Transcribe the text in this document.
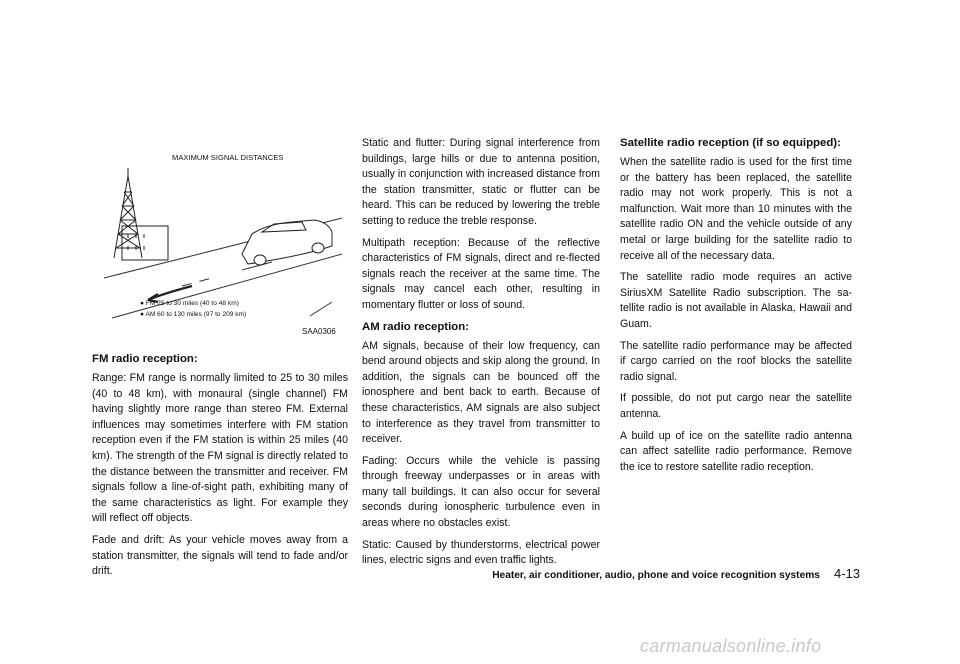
MAXIMUM SIGNAL DISTANCES
● FM 25 to 30 miles (40 to 48 km)
● AM 60 to 130 miles (97 to 209 km)
SAA0306
FM radio reception:

Range: FM range is normally limited to 25 to 30 miles (40 to 48 km), with monaural (single channel) FM having slightly more range than stereo FM. External influences may sometimes interfere with FM station reception even if the FM station is within 25 miles (40 km). The strength of the FM signal is directly related to the distance between the transmitter and receiver. FM signals follow a line-of-sight path, exhibiting many of the same characteristics as light. For example they will reflect off objects.

Fade and drift: As your vehicle moves away from a station transmitter, the signals will tend to fade and/or drift.

Static and flutter: During signal interference from buildings, large hills or due to antenna position, usually in conjunction with increased distance from the station transmitter, static or flutter can be heard. This can be reduced by lowering the treble setting to reduce the treble response.

Multipath reception: Because of the reflective characteristics of FM signals, direct and re-flected signals reach the receiver at the same time. The signals may cancel each other, resulting in momentary flutter or loss of sound.

AM radio reception:

AM signals, because of their low frequency, can bend around objects and skip along the ground. In addition, the signals can be bounced off the ionosphere and bent back to earth. Because of these characteristics, AM signals are also subject to interference as they travel from transmitter to receiver.

Fading: Occurs while the vehicle is passing through freeway underpasses or in areas with many tall buildings. It can also occur for several seconds during ionospheric turbulence even in areas where no obstacles exist.

Static: Caused by thunderstorms, electrical power lines, electric signs and even traffic lights.

Satellite radio reception (if so equipped):

When the satellite radio is used for the first time or the battery has been replaced, the satellite radio may not work properly. This is not a malfunction. Wait more than 10 minutes with the satellite radio ON and the vehicle outside of any metal or large building for the satellite radio to receive all of the necessary data.

The satellite radio mode requires an active SiriusXM Satellite Radio subscription. The sa-tellite radio is not available in Alaska, Hawaii and Guam.

The satellite radio performance may be affected if cargo carried on the roof blocks the satellite radio signal.

If possible, do not put cargo near the satellite antenna.

A build up of ice on the satellite radio antenna can affect satellite radio performance. Remove the ice to restore satellite radio reception.

Heater, air conditioner, audio, phone and voice recognition systems 4-13
carmanualsonline.info
